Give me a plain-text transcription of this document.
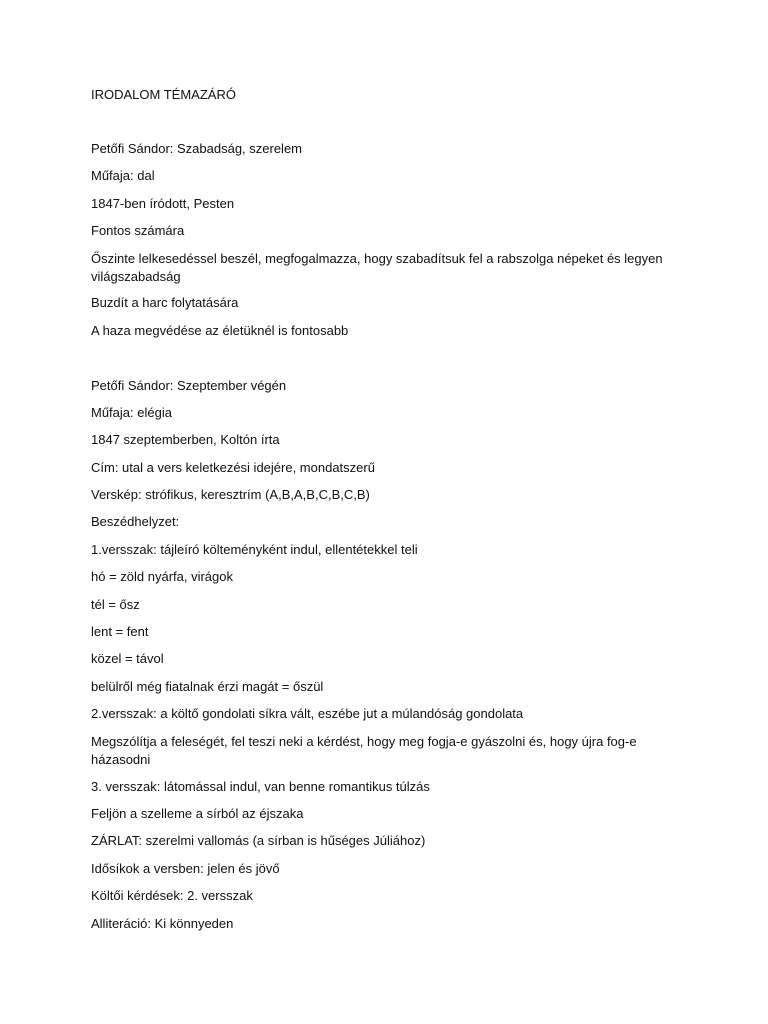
IRODALOM TÉMAZÁRÓ

Petőfi Sándor: Szabadság, szerelem

Műfaja: dal

1847-ben íródott, Pesten

Fontos számára

Őszinte lelkesedéssel beszél, megfogalmazza, hogy szabadítsuk fel a rabszolga népeket és legyen világszabadság

Buzdít a harc folytatására

A haza megvédése az életüknél is fontosabb

Petőfi Sándor: Szeptember végén

Műfaja: elégia

1847 szeptemberben, Koltón írta

Cím: utal a vers keletkezési idejére, mondatszerű

Verskép: strófikus, keresztrím (A,B,A,B,C,B,C,B)

Beszédhelyzet:

1.versszak: tájleíró költeményként indul, ellentétekkel teli

hó = zöld nyárfa, virágok

tél = ősz

lent = fent

közel = távol

belülről még fiatalnak érzi magát = őszül

2.versszak: a költő gondolati síkra vált, eszébe jut a múlandóság gondolata

Megszólítja a feleségét, fel teszi neki a kérdést, hogy meg fogja-e gyászolni és, hogy újra fog-e házasodni

3. versszak: látomással indul, van benne romantikus túlzás

Feljön a szelleme a sírból az éjszaka

ZÁRLAT: szerelmi vallomás (a sírban is hűséges Júliához)

Idősíkok a versben: jelen és jövő

Költői kérdések: 2. versszak

Alliteráció: Ki könnyeden
